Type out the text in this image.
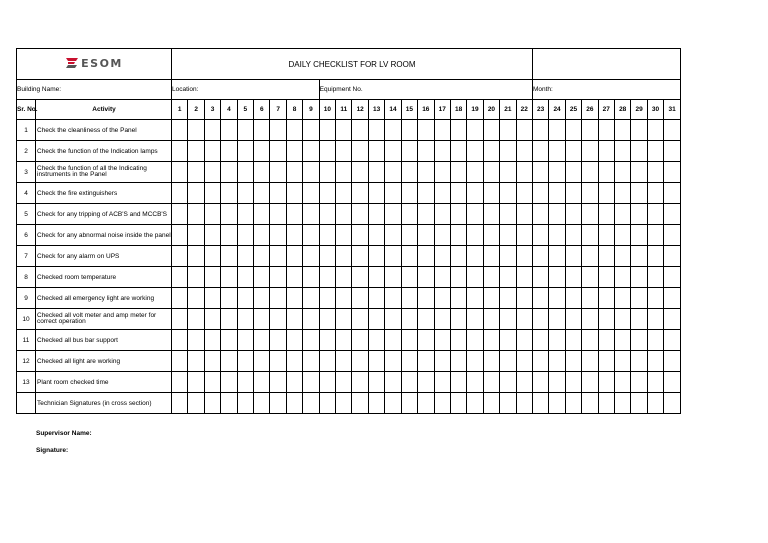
ESOM		DAILY CHECKLIST FOR LV ROOM																														
Building Name:		Location:									Equipment No.													Month:								
Sr. No.	Activity	1	2	3	4	5	6	7	8	9	10	11	12	13	14	15	16	17	18	19	20	21	22	23	24	25	26	27	28	29	30	31
1	Check the cleanliness of the Panel																															
2	Check the function of the Indication lamps																															
3	Check the function of all the Indicating instruments in the Panel																															
4	Check the fire extinguishers																															
5	Check for any tripping of ACB'S and MCCB'S																															
6	Check for any abnormal noise inside the panel																															
7	Check for any alarm on UPS																															
8	Checked room temperature																															
9	Checked all emergency light are working																															
10	Checked all volt meter and amp meter for correct operation																															
11	Checked all bus bar support																															
12	Checked all light are working																															
13	Plant room checked time																															
	Technician Signatures (in cross section)																															
Supervisor Name:
Signature:
